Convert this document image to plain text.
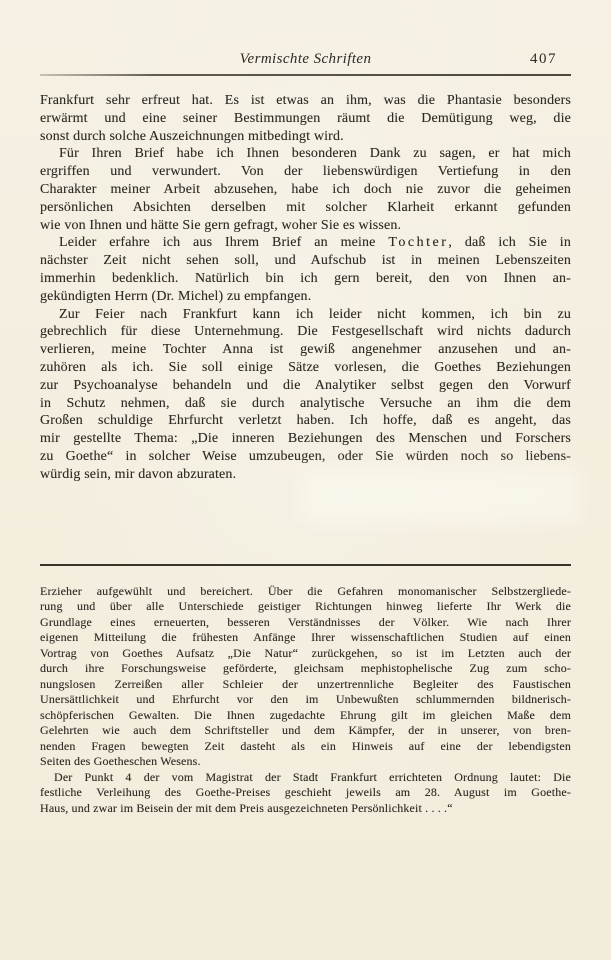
Vermischte Schriften	407
Frankfurt sehr erfreut hat. Es ist etwas an ihm, was die Phantasie besonders
erwärmt und eine seiner Bestimmungen räumt die Demütigung weg, die
sonst durch solche Auszeichnungen mitbedingt wird.
Für Ihren Brief habe ich Ihnen besonderen Dank zu sagen, er hat mich
ergriffen und verwundert. Von der liebenswürdigen Vertiefung in den
Charakter meiner Arbeit abzusehen, habe ich doch nie zuvor die geheimen
persönlichen Absichten derselben mit solcher Klarheit erkannt gefunden
wie von Ihnen und hätte Sie gern gefragt, woher Sie es wissen.
Leider erfahre ich aus Ihrem Brief an meine Tochter, daß ich Sie in
nächster Zeit nicht sehen soll, und Aufschub ist in meinen Lebenszeiten
immerhin bedenklich. Natürlich bin ich gern bereit, den von Ihnen an-
gekündigten Herrn (Dr. Michel) zu empfangen.
Zur Feier nach Frankfurt kann ich leider nicht kommen, ich bin zu
gebrechlich für diese Unternehmung. Die Festgesellschaft wird nichts dadurch
verlieren, meine Tochter Anna ist gewiß angenehmer anzusehen und an-
zuhören als ich. Sie soll einige Sätze vorlesen, die Goethes Beziehungen
zur Psychoanalyse behandeln und die Analytiker selbst gegen den Vorwurf
in Schutz nehmen, daß sie durch analytische Versuche an ihm die dem
Großen schuldige Ehrfurcht verletzt haben. Ich hoffe, daß es angeht, das
mir gestellte Thema: „Die inneren Beziehungen des Menschen und Forschers
zu Goethe“ in solcher Weise umzubeugen, oder Sie würden noch so liebens-
würdig sein, mir davon abzuraten.
Erzieher aufgewühlt und bereichert. Über die Gefahren monomanischer Selbstzergliede-
rung und über alle Unterschiede geistiger Richtungen hinweg lieferte Ihr Werk die
Grundlage eines erneuerten, besseren Verständnisses der Völker. Wie nach Ihrer
eigenen Mitteilung die frühesten Anfänge Ihrer wissenschaftlichen Studien auf einen
Vortrag von Goethes Aufsatz „Die Natur“ zurückgehen, so ist im Letzten auch der
durch ihre Forschungsweise geförderte, gleichsam mephistophelische Zug zum scho-
nungslosen Zerreißen aller Schleier der unzertrennliche Begleiter des Faustischen
Unersättlichkeit und Ehrfurcht vor den im Unbewußten schlummernden bildnerisch-
schöpferischen Gewalten. Die Ihnen zugedachte Ehrung gilt im gleichen Maße dem
Gelehrten wie auch dem Schriftsteller und dem Kämpfer, der in unserer, von bren-
nenden Fragen bewegten Zeit dasteht als ein Hinweis auf eine der lebendigsten
Seiten des Goetheschen Wesens.
Der Punkt 4 der vom Magistrat der Stadt Frankfurt errichteten Ordnung lautet: Die
festliche Verleihung des Goethe-Preises geschieht jeweils am 28. August im Goethe-
Haus, und zwar im Beisein der mit dem Preis ausgezeichneten Persönlichkeit . . . .“
